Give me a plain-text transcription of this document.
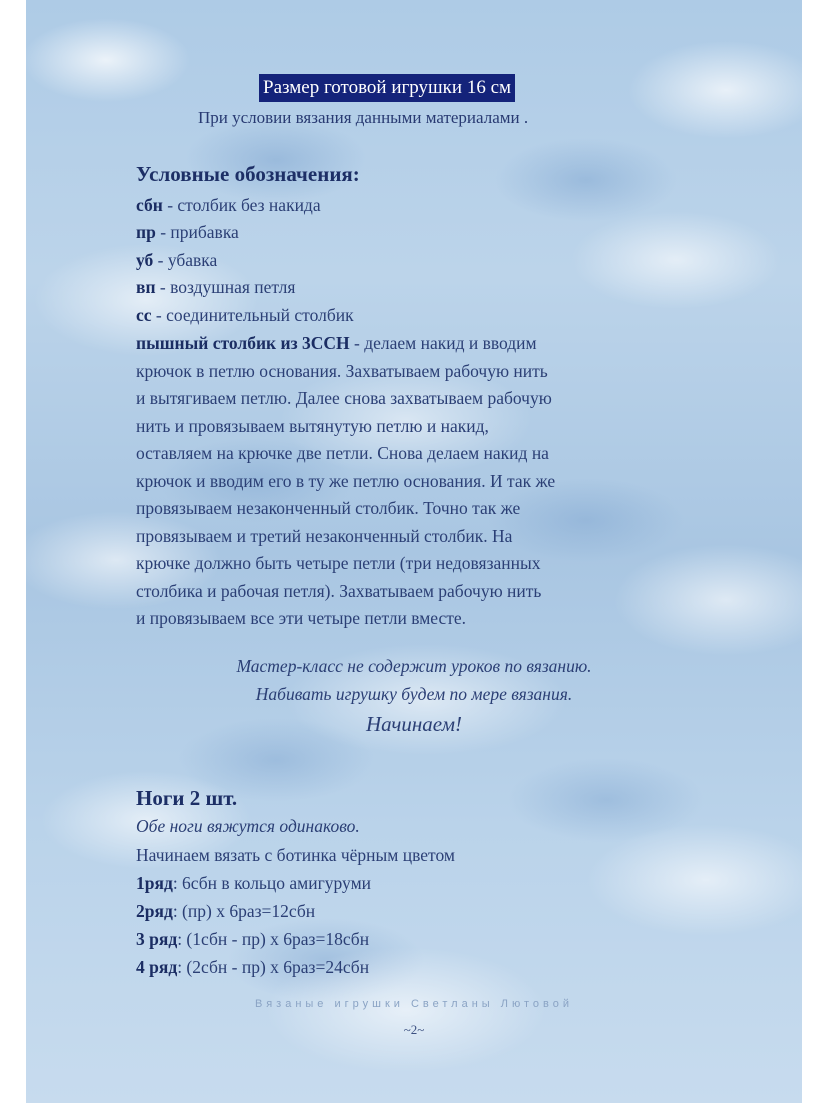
Размер готовой игрушки 16 см
При условии вязания данными материалами .
Условные обозначения:
сбн - столбик без накида
пр - прибавка
уб - убавка
вп - воздушная петля
сс - соединительный столбик
пышный столбик из 3ССН - делаем накид и вводим
крючок в петлю основания. Захватываем рабочую нить
и вытягиваем петлю. Далее снова захватываем рабочую
нить и провязываем вытянутую петлю и накид,
оставляем на крючке две петли. Снова делаем накид на
крючок и вводим его в ту же петлю основания. И так же
провязываем незаконченный столбик. Точно так же
провязываем и третий незаконченный столбик. На
крючке должно быть четыре петли (три недовязанных
столбика и рабочая петля). Захватываем рабочую нить
и провязываем все эти четыре петли вместе.
Мастер-класс не содержит уроков по вязанию.
Набивать игрушку будем по мере вязания.
Начинаем!
Ноги 2 шт.
Обе ноги вяжутся одинаково.
Начинаем вязать с ботинка чёрным цветом
1ряд: 6сбн в кольцо амигуруми
2ряд: (пр) х 6раз=12сбн
3 ряд: (1сбн - пр) х 6раз=18сбн
4 ряд: (2сбн - пр) х 6раз=24сбн
Вязаные игрушки Светланы Лютовой
~2~
